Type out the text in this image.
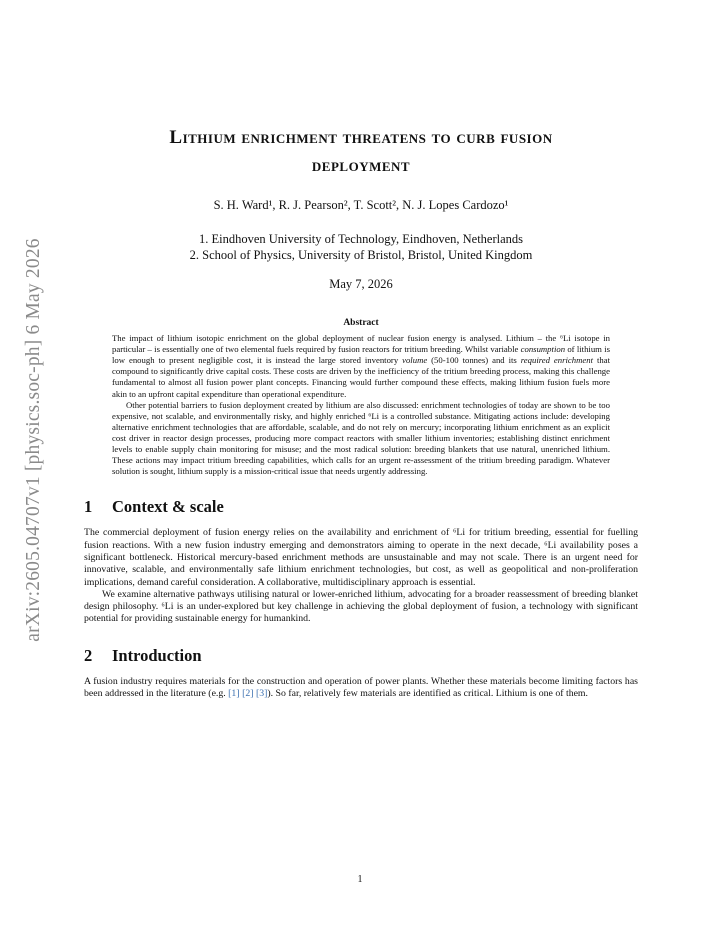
arXiv:2605.04707v1 [physics.soc-ph] 6 May 2026
Lithium enrichment threatens to curb fusion
deployment
S. H. Ward¹, R. J. Pearson², T. Scott², N. J. Lopes Cardozo¹
1. Eindhoven University of Technology, Eindhoven, Netherlands
2. School of Physics, University of Bristol, Bristol, United Kingdom
May 7, 2026
Abstract

The impact of lithium isotopic enrichment on the global deployment of nuclear fusion energy is analysed. Lithium – the ⁶Li isotope in particular – is essentially one of two elemental fuels required by fusion reactors for tritium breeding. Whilst variable consumption of lithium is low enough to present negligible cost, it is instead the large stored inventory volume (50-100 tonnes) and its required enrichment that compound to significantly drive capital costs. These costs are driven by the inefficiency of the tritium breeding process, making this challenge fundamental to almost all fusion power plant concepts. Financing would further compound these effects, making lithium fusion fuels more akin to an upfront capital expenditure than operational expenditure.

Other potential barriers to fusion deployment created by lithium are also discussed: enrichment technologies of today are shown to be too expensive, not scalable, and environmentally risky, and highly enriched ⁶Li is a controlled substance. Mitigating actions include: developing alternative enrichment technologies that are affordable, scalable, and do not rely on mercury; incorporating lithium enrichment as an explicit cost driver in reactor design processes, producing more compact reactors with smaller lithium inventories; establishing distinct enrichment levels to enable supply chain monitoring for misuse; and the most radical solution: breeding blankets that use natural, unenriched lithium. These actions may impact tritium breeding capabilities, which calls for an urgent re-assessment of the tritium breeding paradigm. Whatever solution is sought, lithium supply is a mission-critical issue that needs urgently addressing.

1 Context & scale

The commercial deployment of fusion energy relies on the availability and enrichment of ⁶Li for tritium breeding, essential for fuelling fusion reactions. With a new fusion industry emerging and demonstrators aiming to operate in the next decade, ⁶Li availability poses a significant bottleneck. Historical mercury-based enrichment methods are unsustainable and may not scale. There is an urgent need for innovative, scalable, and environmentally safe lithium enrichment technologies, but cost, as well as geopolitical and non-proliferation implications, demand careful consideration. A collaborative, multidisciplinary approach is essential.

We examine alternative pathways utilising natural or lower-enriched lithium, advocating for a broader reassessment of breeding blanket design philosophy. ⁶Li is an under-explored but key challenge in achieving the global deployment of fusion, a technology with significant potential for providing sustainable energy for humankind.

2 Introduction

A fusion industry requires materials for the construction and operation of power plants. Whether these materials become limiting factors has been addressed in the literature (e.g. [1] [2] [3]). So far, relatively few materials are identified as critical. Lithium is one of them.

1
